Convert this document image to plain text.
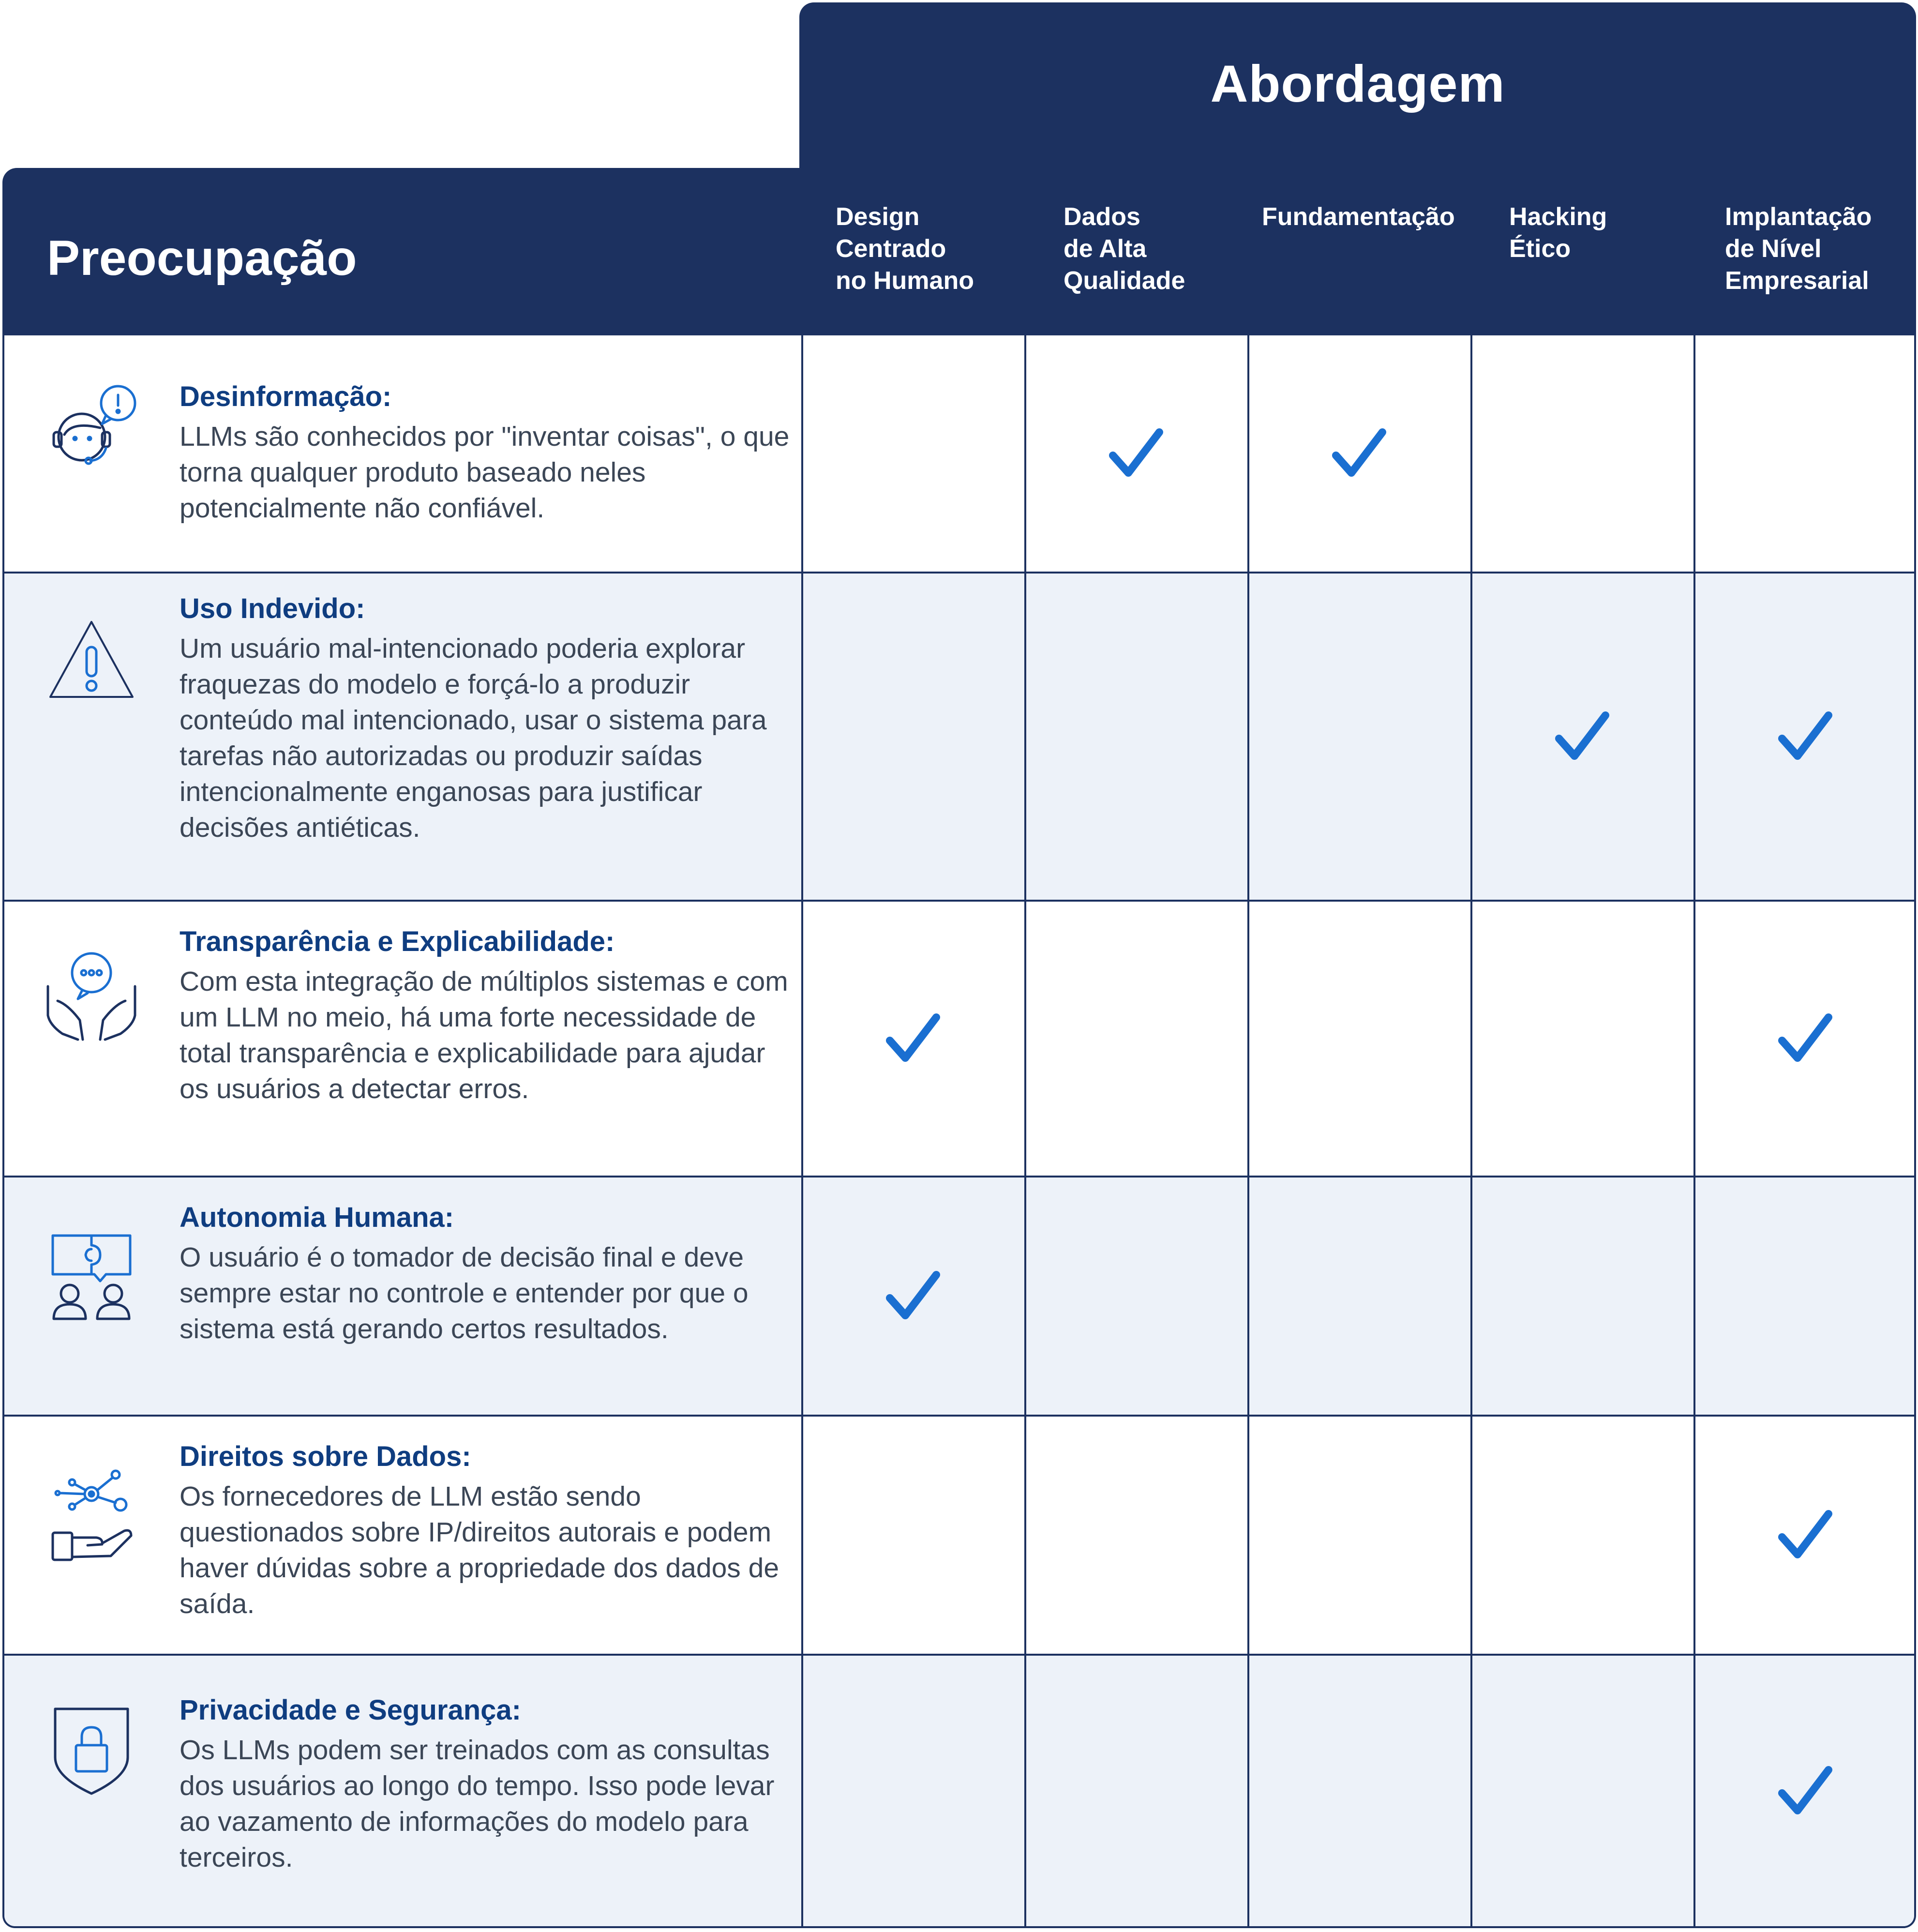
Abordagem
Preocupação
Design
Centrado
no Humano
Dados
de Alta
Qualidade
Fundamentação Hacking
Ético
Implantação
de Nível
Empresarial
Desinformação:
LLMs são conhecidos por "inventar coisas", o que torna qualquer produto baseado neles potencialmente não confiável.
Uso Indevido:
Um usuário mal-intencionado poderia explorar fraquezas do modelo e forçá-lo a produzir conteúdo mal intencionado, usar o sistema para tarefas não autorizadas ou produzir saídas intencionalmente enganosas para justificar decisões antiéticas.
Transparência e Explicabilidade:
Com esta integração de múltiplos sistemas e com um LLM no meio, há uma forte necessidade de total transparência e explicabilidade para ajudar os usuários a detectar erros.
Autonomia Humana:
O usuário é o tomador de decisão final e deve sempre estar no controle e entender por que o sistema está gerando certos resultados.
Direitos sobre Dados:
Os fornecedores de LLM estão sendo questionados sobre IP/direitos autorais e podem haver dúvidas sobre a propriedade dos dados de saída.
Privacidade e Segurança:
Os LLMs podem ser treinados com as consultas dos usuários ao longo do tempo. Isso pode levar ao vazamento de informações do modelo para terceiros.
